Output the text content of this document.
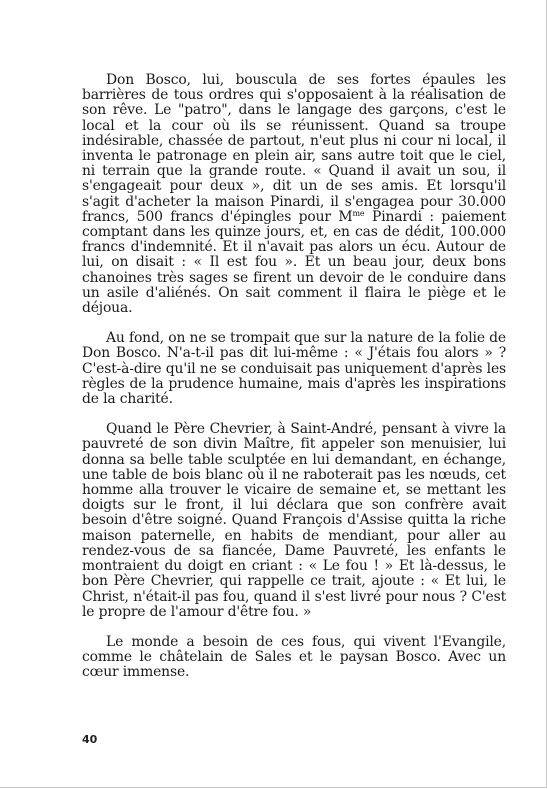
Don Bosco, lui, bouscula de ses fortes épaules les barrières de tous ordres qui s'opposaient à la réalisation de son rêve. Le "patro", dans le langage des garçons, c'est le local et la cour où ils se réunissent. Quand sa troupe indésirable, chassée de partout, n'eut plus ni cour ni local, il inventa le patronage en plein air, sans autre toit que le ciel, ni terrain que la grande route. « Quand il avait un sou, il s'engageait pour deux », dit un de ses amis. Et lorsqu'il s'agit d'acheter la maison Pinardi, il s'engagea pour 30.000 francs, 500 francs d'épingles pour $M^{me}$ Pinardi : paiement comptant dans les quinze jours, et, en cas de dédit, 100.000 francs d'indemnité. Et il n'avait pas alors un écu. Autour de lui, on disait : « Il est fou ». Et un beau jour, deux bons chanoines très sages se firent un devoir de le conduire dans un asile d'aliénés. On sait comment il flaira le piège et le déjoua.

Au fond, on ne se trompait que sur la nature de la folie de Don Bosco. N'a-t-il pas dit lui-même : « J'étais fou alors » ? C'est-à-dire qu'il ne se conduisait pas uniquement d'après les règles de la prudence humaine, mais d'après les inspirations de la charité.

Quand le Père Chevrier, à Saint-André, pensant à vivre la pauvreté de son divin Maître, fit appeler son menuisier, lui donna sa belle table sculptée en lui demandant, en échange, une table de bois blanc où il ne raboterait pas les nœuds, cet homme alla trouver le vicaire de semaine et, se mettant les doigts sur le front, il lui déclara que son confrère avait besoin d'être soigné. Quand François d'Assise quitta la riche maison paternelle, en habits de mendiant, pour aller au rendez-vous de sa fiancée, Dame Pauvreté, les enfants le montraient du doigt en criant : « Le fou ! » Et là-dessus, le bon Père Chevrier, qui rappelle ce trait, ajoute : « Et lui, le Christ, n'était-il pas fou, quand il s'est livré pour nous ? C'est le propre de l'amour d'être fou. »

Le monde a besoin de ces fous, qui vivent l'Evangile, comme le châtelain de Sales et le paysan Bosco. Avec un cœur immense.

40
